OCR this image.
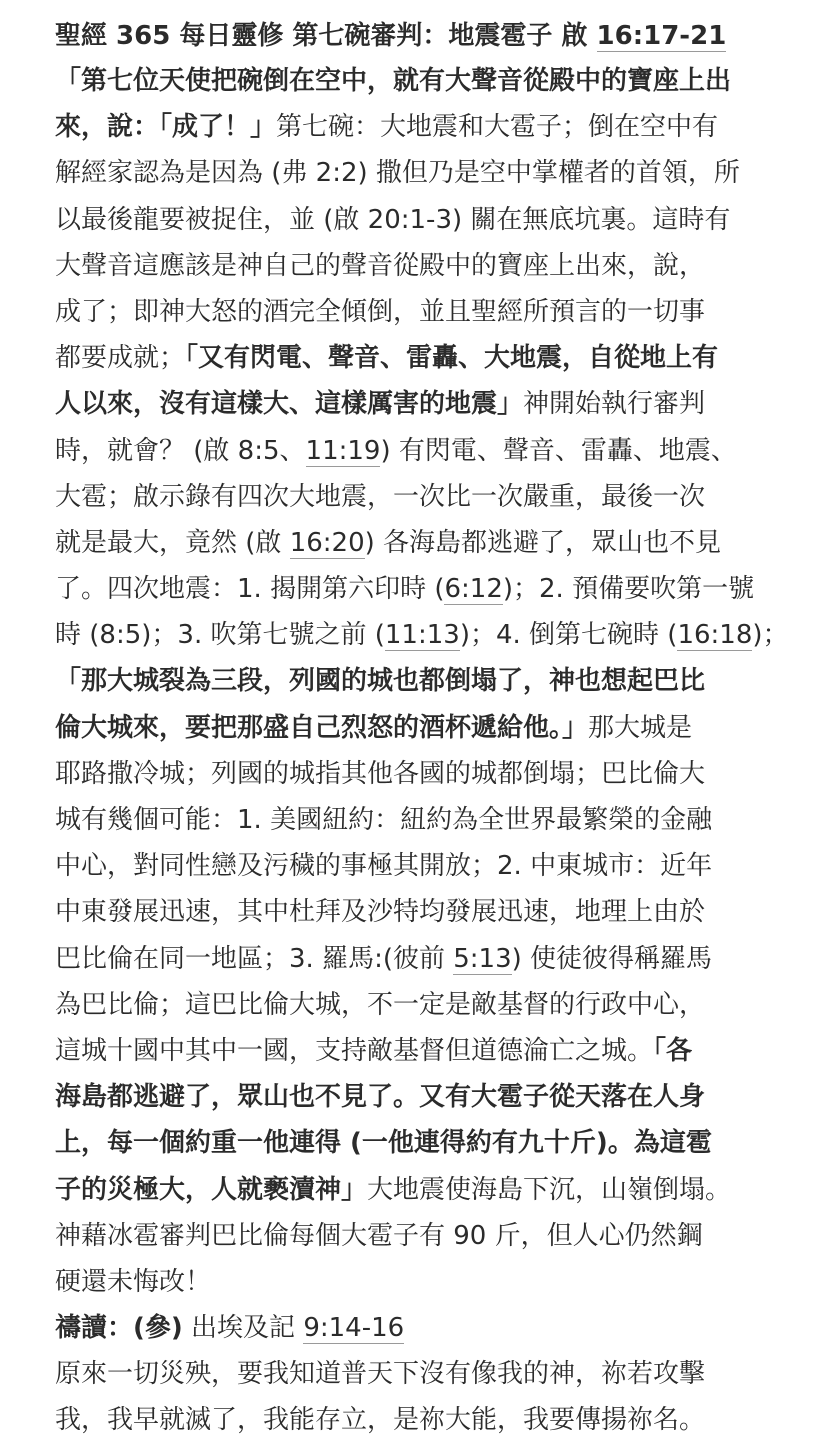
聖經 365 每日靈修 第七碗審判：地震雹子 啟 16:17-21
「第七位天使把碗倒在空中，就有大聲音從殿中的寶座上出
來，說：「成了！」第七碗：大地震和大雹子；倒在空中有
解經家認為是因為 (弗 2:2) 撒但乃是空中掌權者的首領，所
以最後龍要被捉住，並 (啟 20:1-3) 關在無底坑裏。這時有
大聲音這應該是神自己的聲音從殿中的寶座上出來，說，
成了；即神大怒的酒完全傾倒，並且聖經所預言的一切事
都要成就；「又有閃電、聲音、雷轟、大地震，自從地上有
人以來，沒有這樣大、這樣厲害的地震」神開始執行審判
時，就會？ (啟 8:5、11:19) 有閃電、聲音、雷轟、地震、
大雹；啟示錄有四次大地震，一次比一次嚴重，最後一次
就是最大，竟然 (啟 16:20) 各海島都逃避了，眾山也不見
了。四次地震：1. 揭開第六印時 (6:12)；2. 預備要吹第一號
時 (8:5)；3. 吹第七號之前 (11:13)；4. 倒第七碗時 (16:18)；
「那大城裂為三段，列國的城也都倒塌了，神也想起巴比
倫大城來，要把那盛自己烈怒的酒杯遞給他。」那大城是
耶路撒冷城；列國的城指其他各國的城都倒塌；巴比倫大
城有幾個可能：1. 美國紐約：紐約為全世界最繁榮的金融
中心，對同性戀及污穢的事極其開放；2. 中東城市：近年
中東發展迅速，其中杜拜及沙特均發展迅速，地理上由於
巴比倫在同一地區；3. 羅馬:(彼前 5:13) 使徒彼得稱羅馬
為巴比倫；這巴比倫大城，不一定是敵基督的行政中心，
這城十國中其中一國，支持敵基督但道德淪亡之城。「各
海島都逃避了，眾山也不見了。又有大雹子從天落在人身
上，每一個約重一他連得 (一他連得約有九十斤)。為這雹
子的災極大，人就褻瀆神」大地震使海島下沉，山嶺倒塌。
神藉冰雹審判巴比倫每個大雹子有 90 斤，但人心仍然鋼
硬還未悔改！
禱讀：(參) 出埃及記 9:14-16
原來一切災殃，要我知道普天下沒有像我的神，祢若攻擊
我，我早就滅了，我能存立，是祢大能，我要傳揚祢名。
